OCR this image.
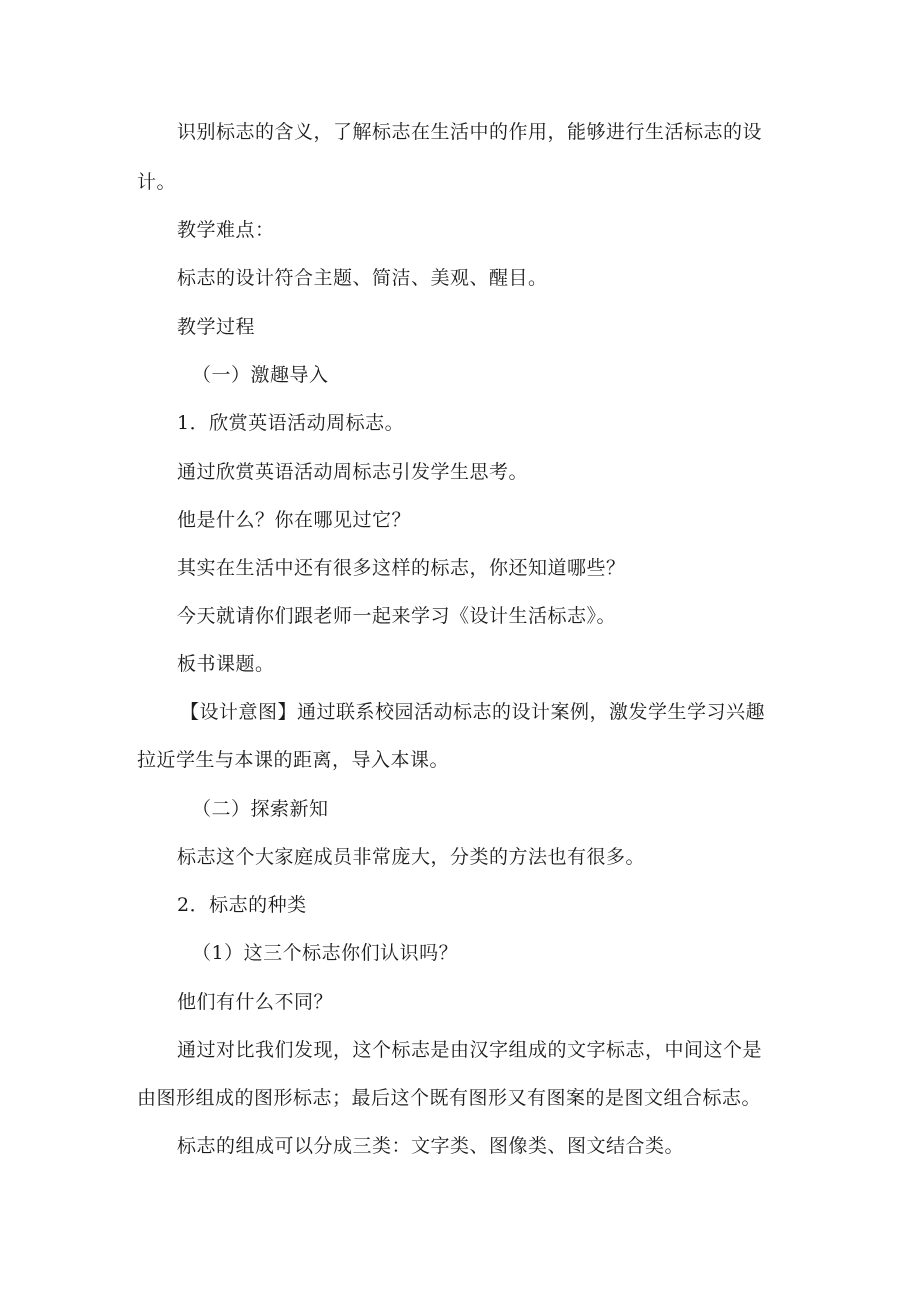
识别标志的含义，了解标志在生活中的作用，能够进行生活标志的设
计。
教学难点：
标志的设计符合主题、简洁、美观、醒目。
教学过程
（一）激趣导入
1．欣赏英语活动周标志。
通过欣赏英语活动周标志引发学生思考。
他是什么？你在哪见过它？
其实在生活中还有很多这样的标志，你还知道哪些？
今天就请你们跟老师一起来学习《设计生活标志》。
板书课题。
【设计意图】通过联系校园活动标志的设计案例，激发学生学习兴趣
拉近学生与本课的距离，导入本课。
（二）探索新知
标志这个大家庭成员非常庞大，分类的方法也有很多。
2．标志的种类
（1）这三个标志你们认识吗？
他们有什么不同？
通过对比我们发现，这个标志是由汉字组成的文字标志，中间这个是
由图形组成的图形标志；最后这个既有图形又有图案的是图文组合标志。
标志的组成可以分成三类：文字类、图像类、图文结合类。
